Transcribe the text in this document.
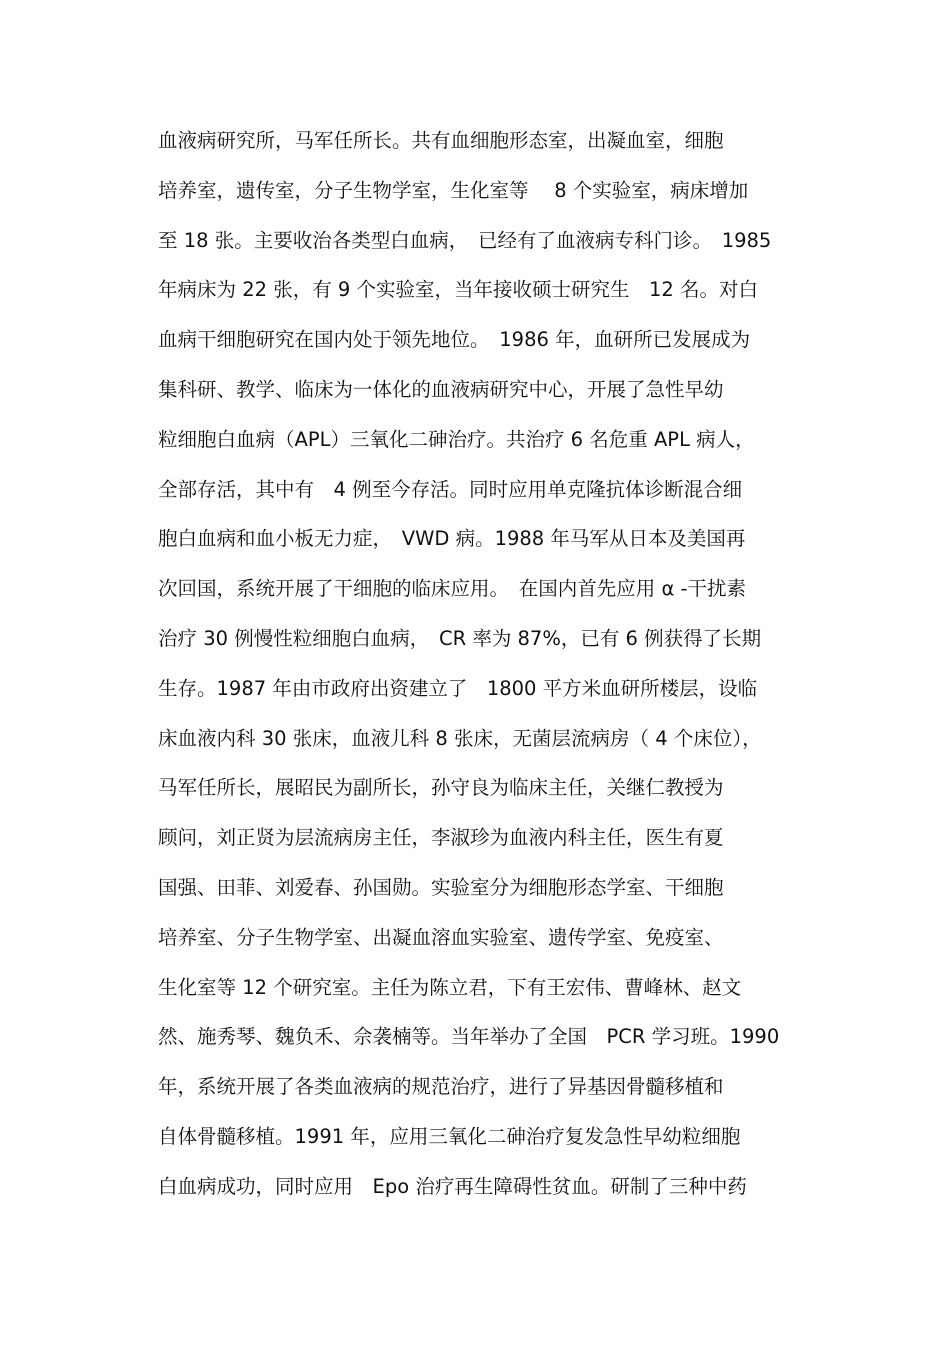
血液病研究所，马军任所长。共有血细胞形态室，出凝血室，细胞
培养室，遗传室，分子生物学室，生化室等　 8 个实验室，病床增加
至 18 张。主要收治各类型白血病，　已经有了血液病专科门诊。　1985
年病床为 22 张，有 9 个实验室，当年接收硕士研究生　12 名。对白
血病干细胞研究在国内处于领先地位。　1986 年，血研所已发展成为
集科研、教学、临床为一体化的血液病研究中心，开展了急性早幼
粒细胞白血病（APL）三氧化二砷治疗。共治疗 6 名危重 APL 病人，
全部存活，其中有　4 例至今存活。同时应用单克隆抗体诊断混合细
胞白血病和血小板无力症，　VWD 病。1988 年马军从日本及美国再
次回国，系统开展了干细胞的临床应用。　在国内首先应用 α -干扰素
治疗 30 例慢性粒细胞白血病，　CR 率为 87%，已有 6 例获得了长期
生存。1987 年由市政府出资建立了　1800 平方米血研所楼层，设临
床血液内科 30 张床，血液儿科 8 张床，无菌层流病房（ 4 个床位），
马军任所长，展昭民为副所长，孙守良为临床主任，关继仁教授为
顾问，刘正贤为层流病房主任，李淑珍为血液内科主任，医生有夏
国强、田菲、刘爱春、孙国勋。实验室分为细胞形态学室、干细胞
培养室、分子生物学室、出凝血溶血实验室、遗传学室、免疫室、
生化室等 12 个研究室。主任为陈立君，下有王宏伟、曹峰林、赵文
然、施秀琴、魏负禾、佘袭楠等。当年举办了全国　PCR 学习班。1990
年，系统开展了各类血液病的规范治疗，进行了异基因骨髓移植和
自体骨髓移植。1991 年，应用三氧化二砷治疗复发急性早幼粒细胞
白血病成功，同时应用　Epo 治疗再生障碍性贫血。研制了三种中药
